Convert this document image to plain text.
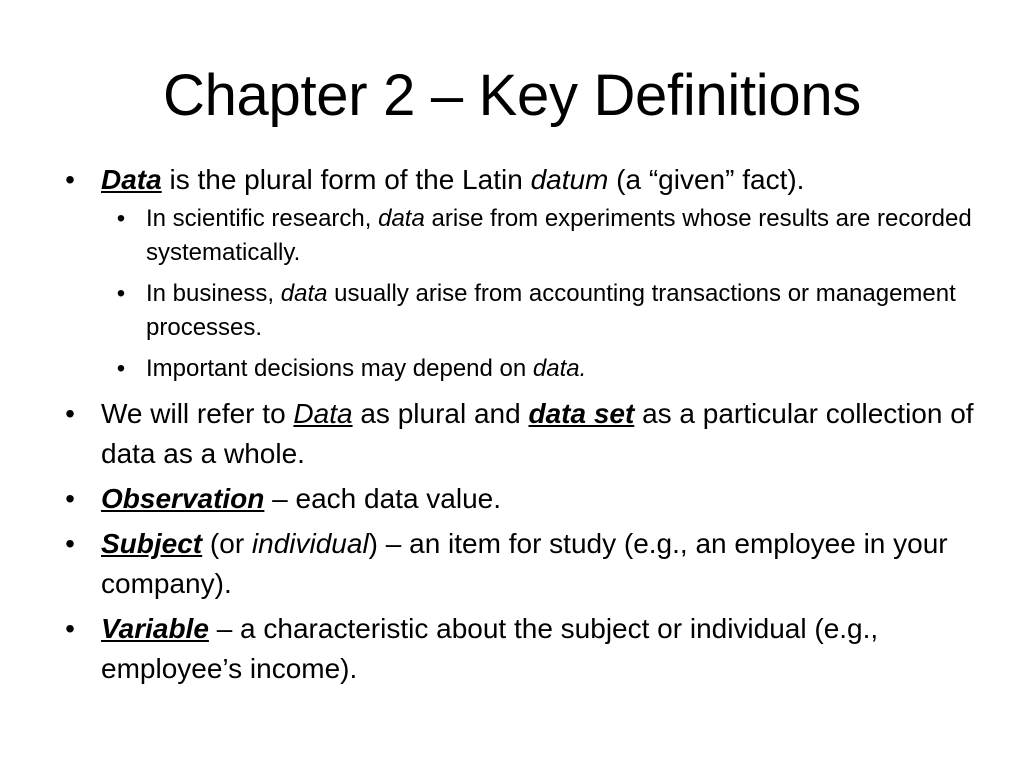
Chapter 2 – Key Definitions
• Data is the plural form of the Latin datum (a “given” fact).
• In scientific research, data arise from experiments whose results are recorded systematically.
• In business, data usually arise from accounting transactions or management processes.
• Important decisions may depend on data.
• We will refer to Data as plural and data set as a particular collection of data as a whole.
• Observation – each data value.
• Subject (or individual) – an item for study (e.g., an employee in your company).
• Variable – a characteristic about the subject or individual (e.g., employee’s income).
